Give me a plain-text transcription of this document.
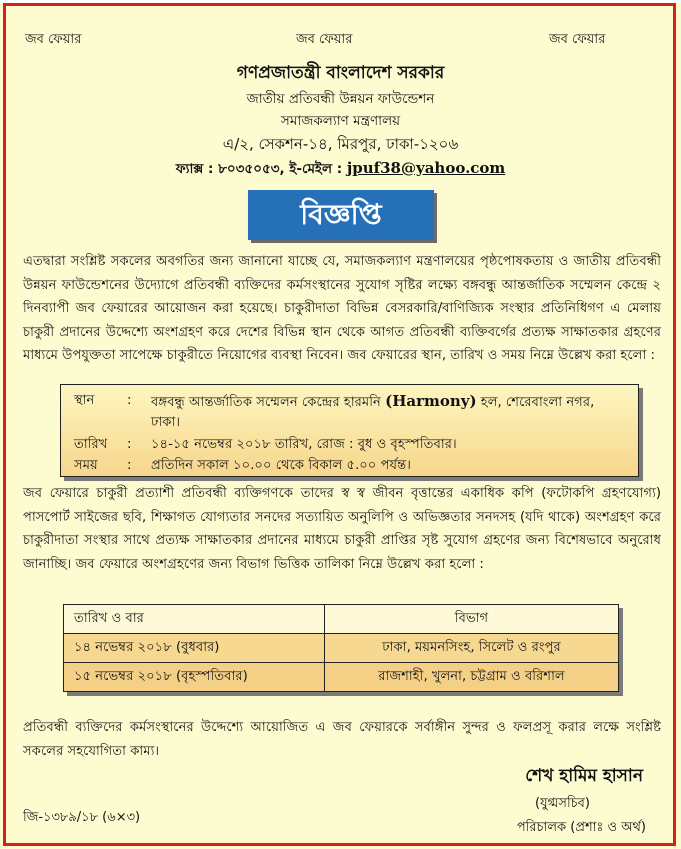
জব ফেয়ার	জব ফেয়ার	জব ফেয়ার
গণপ্রজাতন্ত্রী বাংলাদেশ সরকার
জাতীয় প্রতিবন্ধী উন্নয়ন ফাউন্ডেশন
সমাজকল্যাণ মন্ত্রণালয়
এ/২, সেকশন-১৪, মিরপুর, ঢাকা-১২০৬
ফ্যাক্স : ৮০৩৫০৫৩, ই-মেইল : jpuf38@yahoo.com
বিজ্ঞপ্তি
এতদ্বারা সংশ্লিষ্ট সকলের অবগতির জন্য জানানো যাচ্ছে যে, সমাজকল্যাণ মন্ত্রণালয়ের পৃষ্ঠপোষকতায় ও জাতীয় প্রতিবন্ধী উন্নয়ন ফাউন্ডেশনের উদ্যোগে প্রতিবন্ধী ব্যক্তিদের কর্মসংস্থানের সুযোগ সৃষ্টির লক্ষ্যে বঙ্গবন্ধু আন্তর্জাতিক সম্মেলন কেন্দ্রে ২ দিনব্যাপী জব ফেয়ারের আয়োজন করা হয়েছে। চাকুরীদাতা বিভিন্ন বেসরকারি/বাণিজ্যিক সংস্থার প্রতিনিধিগণ এ মেলায় চাকুরী প্রদানের উদ্দেশ্যে অংশগ্রহণ করে দেশের বিভিন্ন স্থান থেকে আগত প্রতিবন্ধী ব্যক্তিবর্গের প্রত্যক্ষ সাক্ষাতকার গ্রহণের মাধ্যমে উপযুক্ততা সাপেক্ষে চাকুরীতে নিয়োগের ব্যবস্থা নিবেন। জব ফেয়ারের স্থান, তারিখ ও সময় নিম্নে উল্লেখ করা হলো :
স্থান	: বঙ্গবন্ধু আন্তর্জাতিক সম্মেলন কেন্দ্রের হারমনি (Harmony) হল, শেরেবাংলা নগর, ঢাকা।
তারিখ	: ১৪-১৫ নভেম্বর ২০১৮ তারিখ, রোজ : বুধ ও বৃহস্পতিবার।
সময়	: প্রতিদিন সকাল ১০.০০ থেকে বিকাল ৫.০০ পর্যন্ত।
জব ফেয়ারে চাকুরী প্রত্যাশী প্রতিবন্ধী ব্যক্তিগণকে তাদের স্ব স্ব জীবন বৃত্তান্তের একাধিক কপি (ফটোকপি গ্রহণযোগ্য) পাসপোর্ট সাইজের ছবি, শিক্ষাগত যোগ্যতার সনদের সত্যায়িত অনুলিপি ও অভিজ্ঞতার সনদসহ (যদি থাকে) অংশগ্রহণ করে চাকুরীদাতা সংস্থার সাথে প্রত্যক্ষ সাক্ষাতকার প্রদানের মাধ্যমে চাকুরী প্রাপ্তির সৃষ্ট সুযোগ গ্রহণের জন্য বিশেষভাবে অনুরোধ জানাচ্ছি। জব ফেয়ারে অংশগ্রহণের জন্য বিভাগ ভিত্তিক তালিকা নিম্নে উল্লেখ করা হলো :
তারিখ ও বার	বিভাগ
১৪ নভেম্বর ২০১৮ (বুধবার)	ঢাকা, ময়মনসিংহ, সিলেট ও রংপুর
১৫ নভেম্বর ২০১৮ (বৃহস্পতিবার)	রাজশাহী, খুলনা, চট্টগ্রাম ও বরিশাল
প্রতিবন্ধী ব্যক্তিদের কর্মসংস্থানের উদ্দেশ্যে আয়োজিত এ জব ফেয়ারকে সর্বাঙ্গীন সুন্দর ও ফলপ্রসূ করার লক্ষে সংশ্লিষ্ট সকলের সহযোগিতা কাম্য।
শেখ হামিম হাসান
(যুগ্মসচিব)
পরিচালক (প্রশাঃ ও অর্থ)
জি-১৩৮৯/১৮ (৬×৩)
